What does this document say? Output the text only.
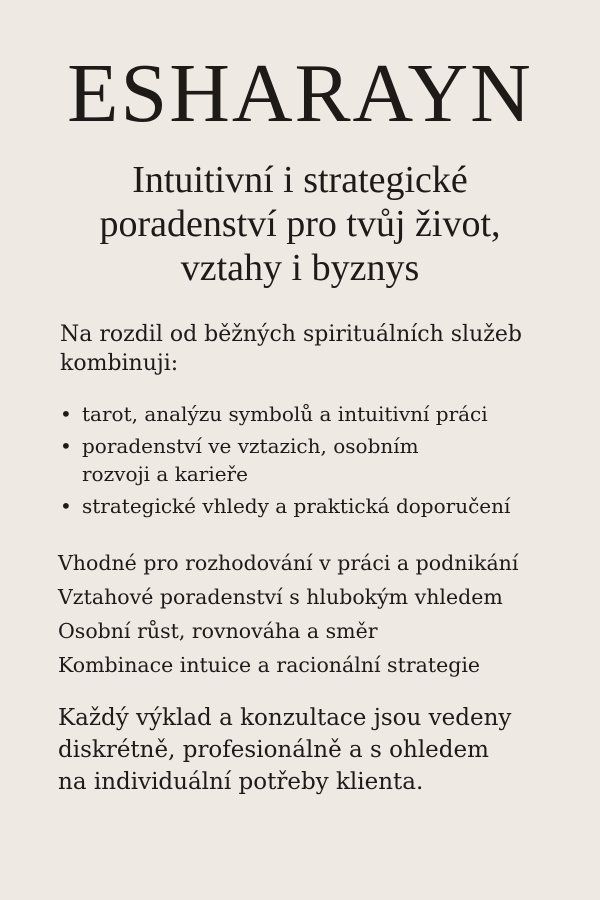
ESHARAYN
Intuitivní i strategické
poradenství pro tvůj život,
vztahy i byznys
Na rozdil od běžných spirituálních služeb
kombinuji:
• tarot, analýzu symbolů a intuitivní práci
• poradenství ve vztazich, osobním
rozvoji a karieře
• strategické vhledy a praktická doporučení
Vhodné pro rozhodování v práci a podnikání
Vztahové poradenství s hlubokým vhledem
Osobní růst, rovnováha a směr
Kombinace intuice a racionální strategie
Každý výklad a konzultace jsou vedeny
diskrétně, profesionálně a s ohledem
na individuální potřeby klienta.
